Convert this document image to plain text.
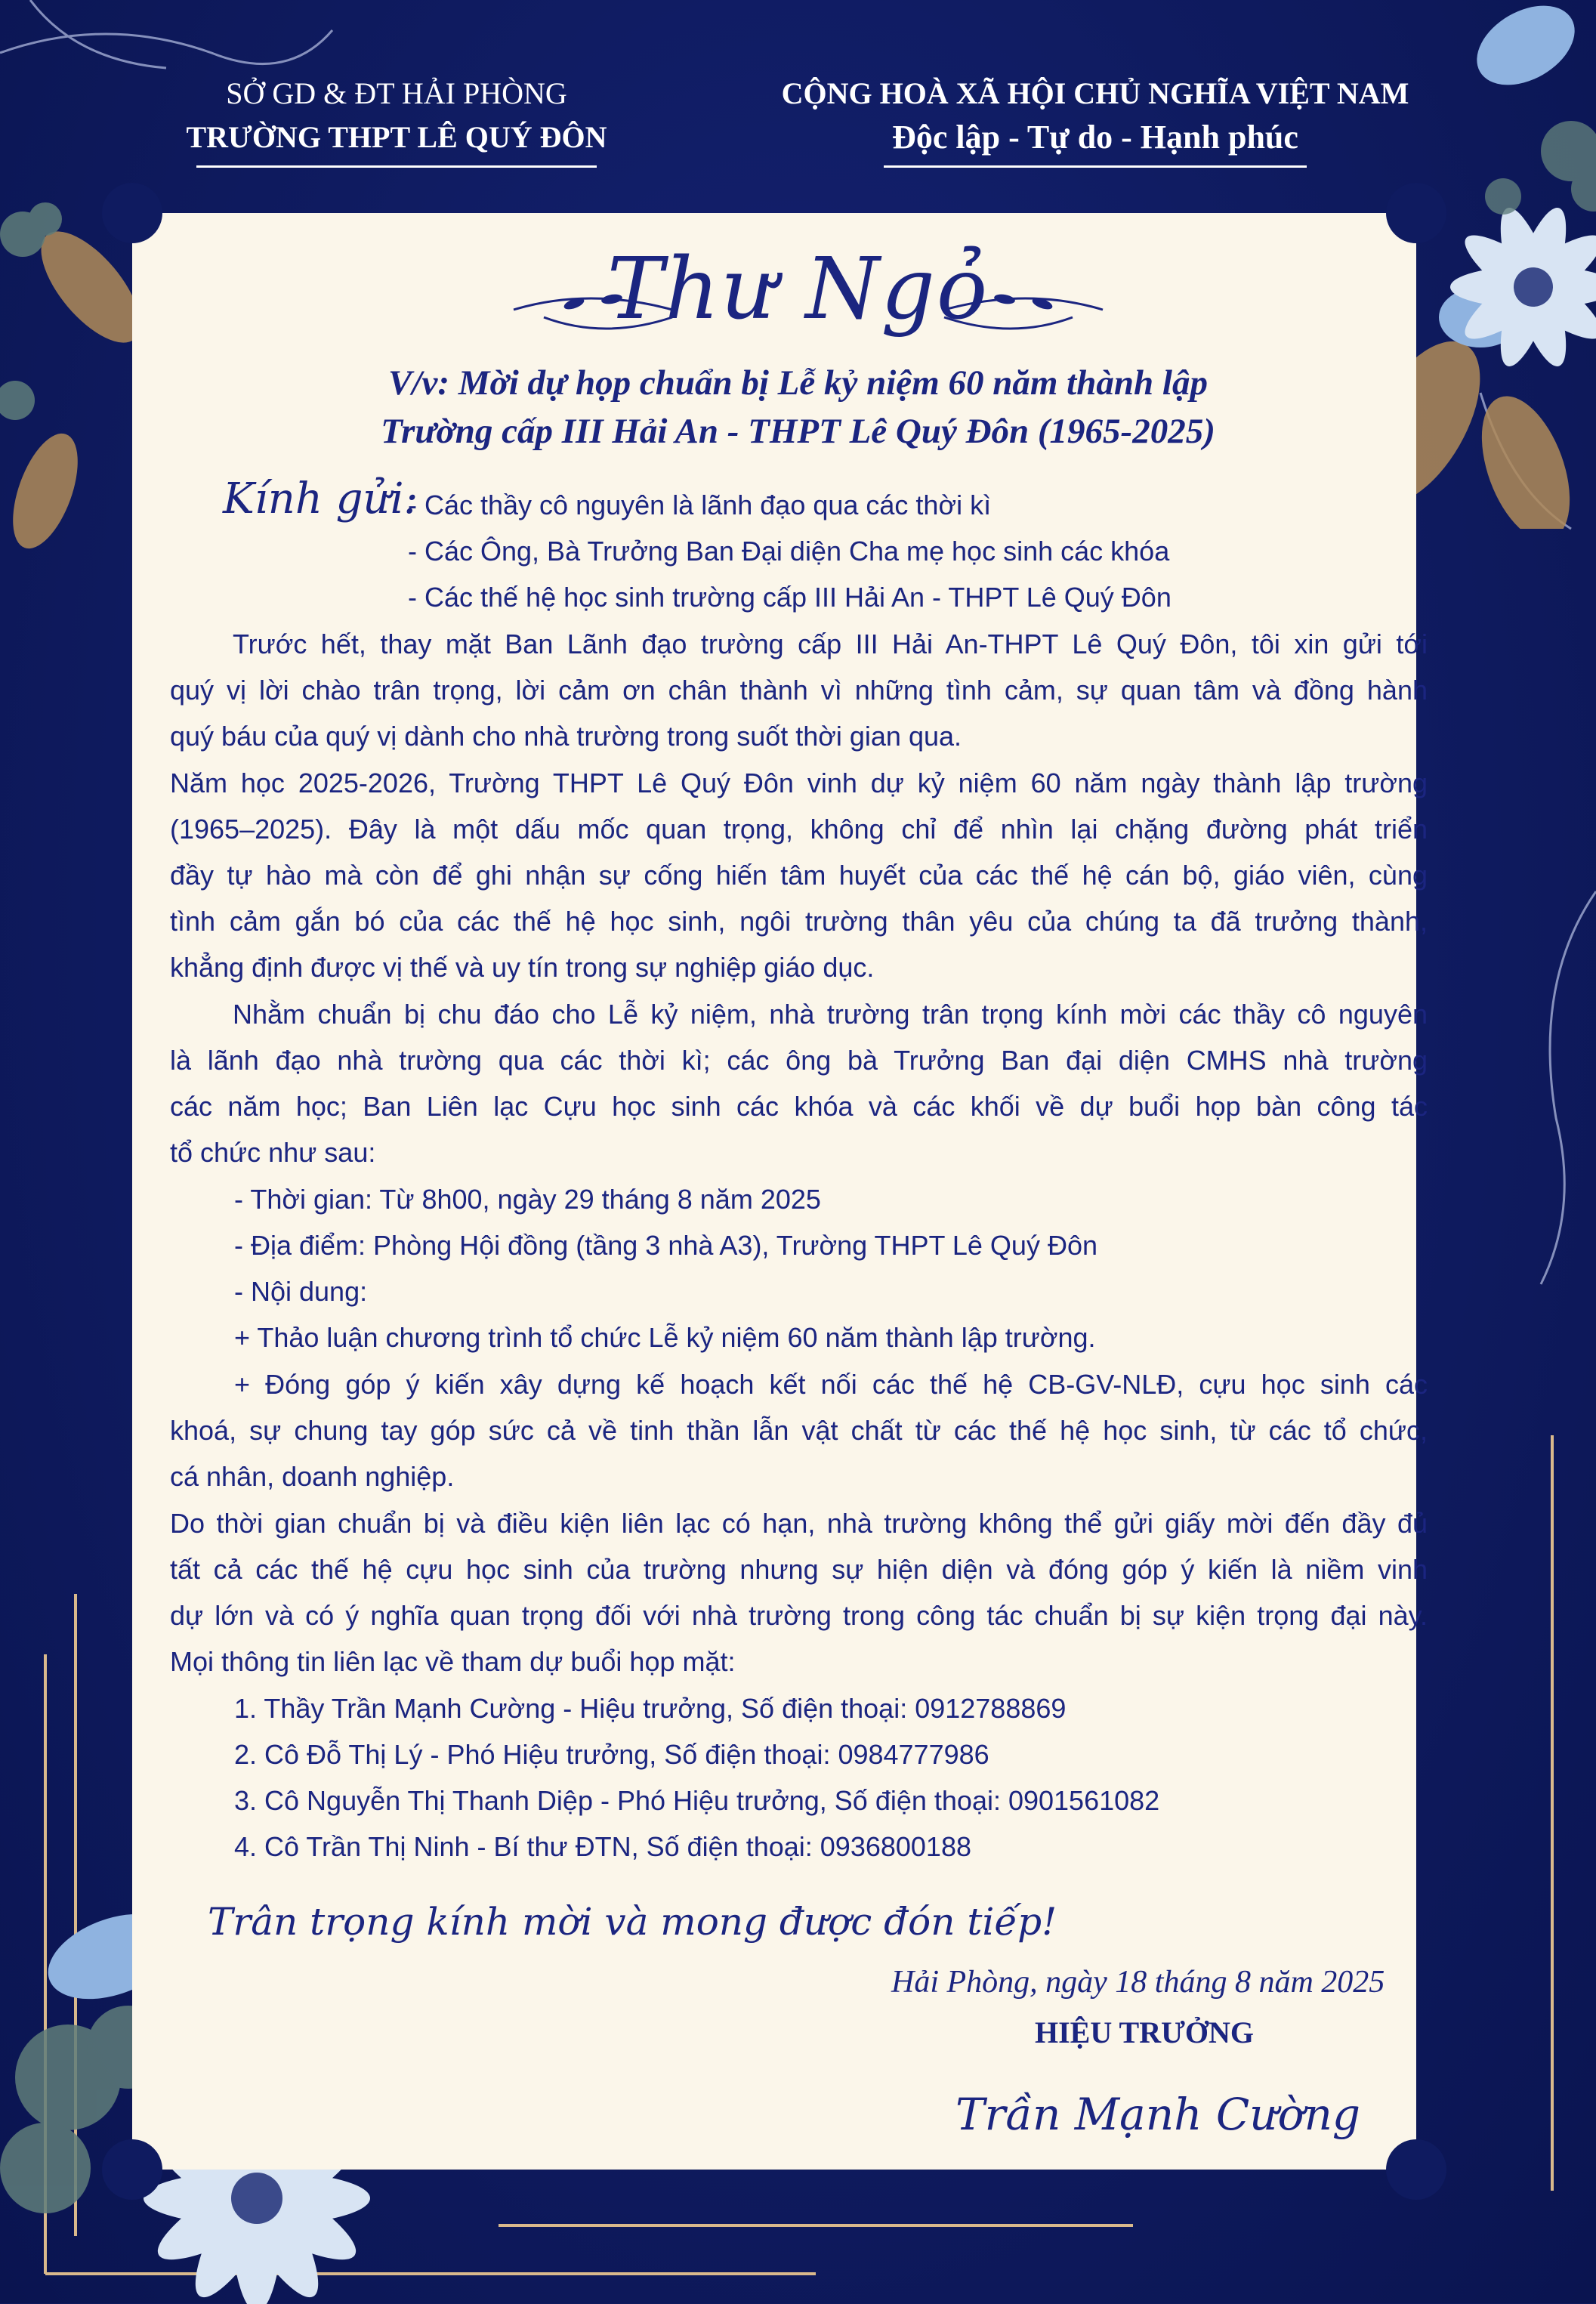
SỞ GD & ĐT HẢI PHÒNG
TRƯỜNG THPT LÊ QUÝ ĐÔN
CỘNG HOÀ XÃ HỘI CHỦ NGHĨA VIỆT NAM
Độc lập - Tự do - Hạnh phúc
Thư Ngỏ
V/v: Mời dự họp chuẩn bị Lễ kỷ niệm 60 năm thành lập
Trường cấp III Hải An - THPT Lê Quý Đôn (1965-2025)
Kính gửi:
- Các thầy cô nguyên là lãnh đạo qua các thời kì
- Các Ông, Bà Trưởng Ban Đại diện Cha mẹ học sinh các khóa
- Các thế hệ học sinh trường cấp III Hải An - THPT Lê Quý Đôn
Trước hết, thay mặt Ban Lãnh đạo trường cấp III Hải An-THPT Lê Quý Đôn, tôi xin gửi tới
quý vị lời chào trân trọng, lời cảm ơn chân thành vì những tình cảm, sự quan tâm và đồng hành
quý báu của quý vị dành cho nhà trường trong suốt thời gian qua.
Năm học 2025-2026, Trường THPT Lê Quý Đôn vinh dự kỷ niệm 60 năm ngày thành lập trường
(1965–2025). Đây là một dấu mốc quan trọng, không chỉ để nhìn lại chặng đường phát triển
đầy tự hào mà còn để ghi nhận sự cống hiến tâm huyết của các thế hệ cán bộ, giáo viên, cùng
tình cảm gắn bó của các thế hệ học sinh, ngôi trường thân yêu của chúng ta đã trưởng thành,
khẳng định được vị thế và uy tín trong sự nghiệp giáo dục.
Nhằm chuẩn bị chu đáo cho Lễ kỷ niệm, nhà trường trân trọng kính mời các thầy cô nguyên
là lãnh đạo nhà trường qua các thời kì; các ông bà Trưởng Ban đại diện CMHS nhà trường
các năm học; Ban Liên lạc Cựu học sinh các khóa và các khối về dự buổi họp bàn công tác
tổ chức như sau:
- Thời gian: Từ 8h00, ngày 29 tháng 8 năm 2025
- Địa điểm: Phòng Hội đồng (tầng 3 nhà A3), Trường THPT Lê Quý Đôn
- Nội dung:
+ Thảo luận chương trình tổ chức Lễ kỷ niệm 60 năm thành lập trường.
+ Đóng góp ý kiến xây dựng kế hoạch kết nối các thế hệ CB-GV-NLĐ, cựu học sinh các
khoá, sự chung tay góp sức cả về tinh thần lẫn vật chất từ các thế hệ học sinh, từ các tổ chức,
cá nhân, doanh nghiệp.
Do thời gian chuẩn bị và điều kiện liên lạc có hạn, nhà trường không thể gửi giấy mời đến đầy đủ
tất cả các thế hệ cựu học sinh của trường nhưng sự hiện diện và đóng góp ý kiến là niềm vinh
dự lớn và có ý nghĩa quan trọng đối với nhà trường trong công tác chuẩn bị sự kiện trọng đại này.
Mọi thông tin liên lạc về tham dự buổi họp mặt:
1. Thầy Trần Mạnh Cường - Hiệu trưởng, Số điện thoại: 0912788869
2. Cô Đỗ Thị Lý - Phó Hiệu trưởng, Số điện thoại: 0984777986
3. Cô Nguyễn Thị Thanh Diệp - Phó Hiệu trưởng, Số điện thoại: 0901561082
4. Cô Trần Thị Ninh - Bí thư ĐTN, Số điện thoại: 0936800188
Trân trọng kính mời và mong được đón tiếp!
Hải Phòng, ngày 18 tháng 8 năm 2025
HIỆU TRƯỞNG
Trần Mạnh Cường
